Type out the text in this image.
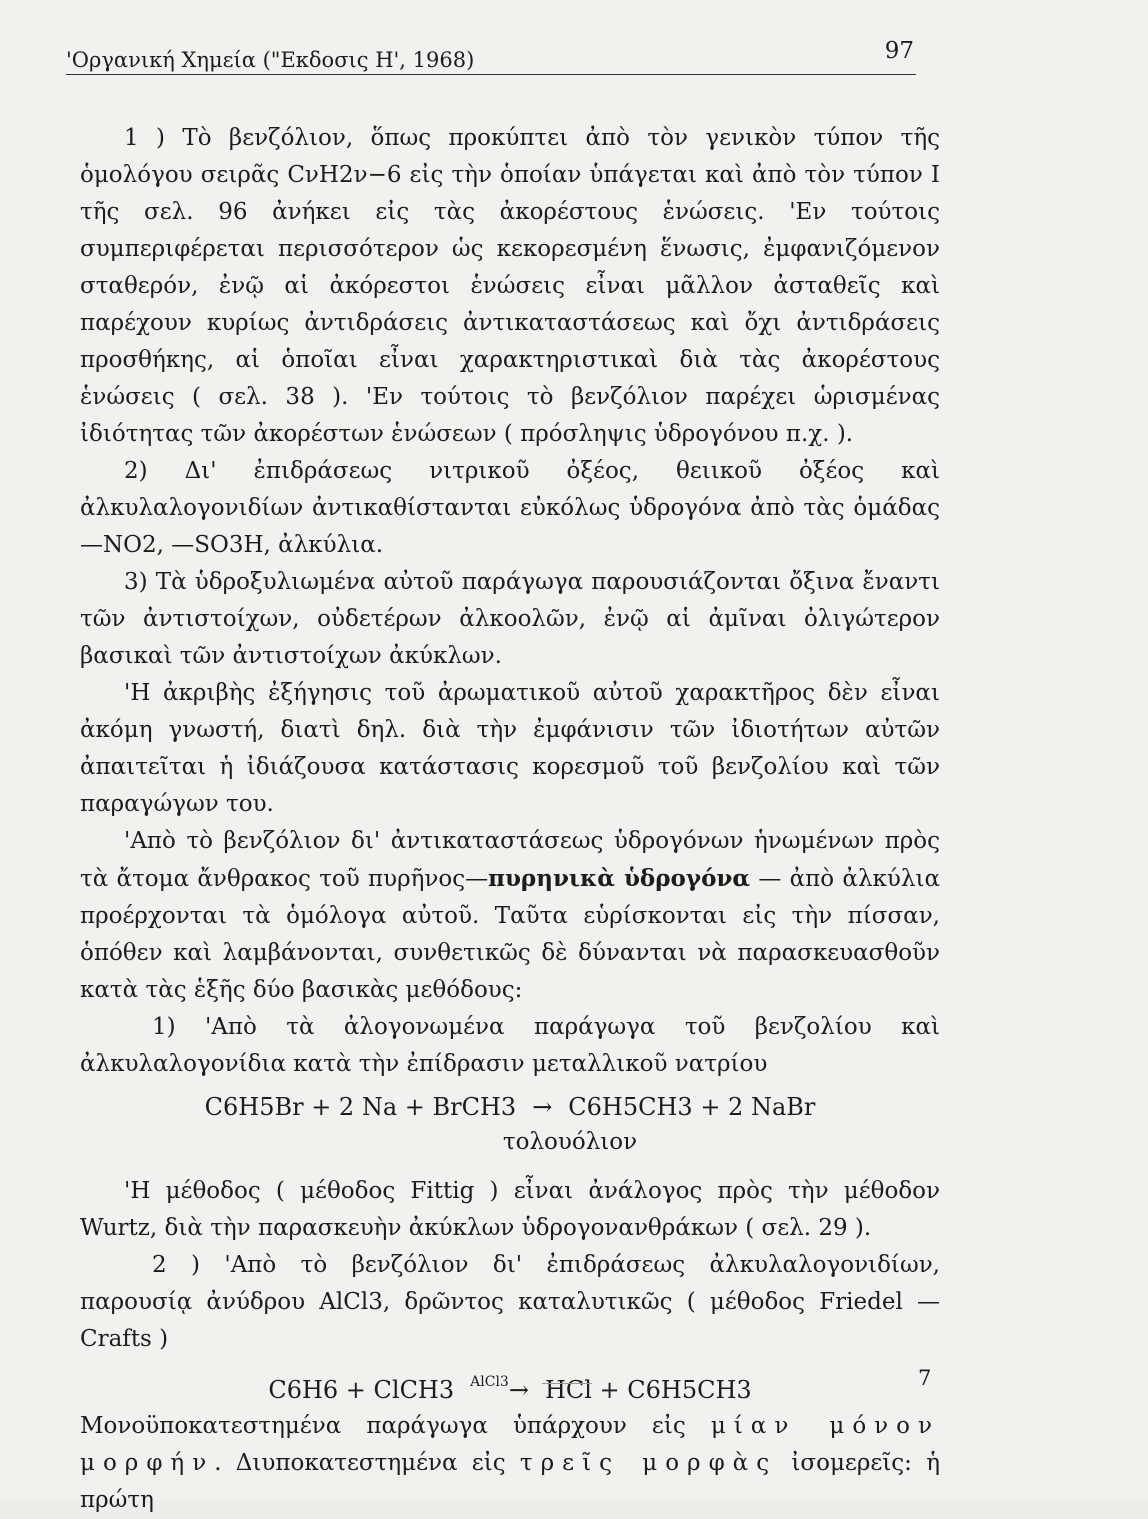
'Οργανική Χημεία ("Εκδοσις Η', 1968)	97

1 ) Τὸ βενζόλιον, ὅπως προκύπτει ἀπὸ τὸν γενικὸν τύπον τῆς ὁμολόγου σειρᾶς CνH2ν−6 εἰς τὴν ὁποίαν ὑπάγεται καὶ ἀπὸ τὸν τύπον I τῆς σελ. 96 ἀνήκει εἰς τὰς ἀκορέστους ἑνώσεις. 'Eν τούτοις συμπεριφέρεται περισσότερον ὡς κεκορεσμένη ἕνωσις, ἐμφανιζόμενον σταθερόν, ἐνῷ αἱ ἀκόρεστοι ἑνώσεις εἶναι μᾶλλον ἀσταθεῖς καὶ παρέχουν κυρίως ἀντιδράσεις ἀντικαταστάσεως καὶ ὄχι ἀντιδράσεις προσθήκης, αἱ ὁποῖαι εἶναι χαρακτηριστικαὶ διὰ τὰς ἀκορέστους ἑνώσεις ( σελ. 38 ). 'Eν τούτοις τὸ βενζόλιον παρέχει ὡρισμένας ἰδιότητας τῶν ἀκορέστων ἑνώσεων ( πρόσληψις ὑδρογόνου π.χ. ).

2) Δι' ἐπιδράσεως νιτρικοῦ ὀξέος, θειικοῦ ὀξέος καὶ ἀλκυλαλογονιδίων ἀντικαθίστανται εὐκόλως ὑδρογόνα ἀπὸ τὰς ὁμάδας —NO2, —SO3H, ἀλκύλια.

3) Τὰ ὑδροξυλιωμένα αὐτοῦ παράγωγα παρουσιάζονται ὄξινα ἔναντι τῶν ἀντιστοίχων, οὐδετέρων ἀλκοολῶν, ἐνῷ αἱ ἀμῖναι ὀλιγώτερον βασικαὶ τῶν ἀντιστοίχων ἀκύκλων.

'Η ἀκριβὴς ἐξήγησις τοῦ ἀρωματικοῦ αὐτοῦ χαρακτῆρος δὲν εἶναι ἀκόμη γνωστή, διατὶ δηλ. διὰ τὴν ἐμφάνισιν τῶν ἰδιοτήτων αὐτῶν ἀπαιτεῖται ἡ ἰδιάζουσα κατάστασις κορεσμοῦ τοῦ βενζολίου καὶ τῶν παραγώγων του.

'Aπὸ τὸ βενζόλιον δι' ἀντικαταστάσεως ὑδρογόνων ἡνωμένων πρὸς τὰ ἄτομα ἄνθρακος τοῦ πυρῆνος—πυρηνικὰ ὑδρογόνα — ἀπὸ ἀλκύλια προέρχονται τὰ ὁμόλογα αὐτοῦ. Ταῦτα εὑρίσκονται εἰς τὴν πίσσαν, ὁπόθεν καὶ λαμβάνονται, συνθετικῶς δὲ δύνανται νὰ παρασκευασθοῦν κατὰ τὰς ἑξῆς δύο βασικὰς μεθόδους:

1) 'Aπὸ τὰ ἀλογονωμένα παράγωγα τοῦ βενζολίου καὶ ἀλκυλαλογονίδια κατὰ τὴν ἐπίδρασιν μεταλλικοῦ νατρίου

C6H5Br + 2 Na + BrCH3 → C6H5CH3 + 2 NaBr
τολουόλιον

'Η μέθοδος ( μέθοδος Fittig ) εἶναι ἀνάλογος πρὸς τὴν μέθοδον Wurtz, διὰ τὴν παρασκευὴν ἀκύκλων ὑδρογονανθράκων ( σελ. 29 ).

2 ) 'Aπὸ τὸ βενζόλιον δι' ἐπιδράσεως ἀλκυλαλογονιδίων, παρουσίᾳ ἀνύδρου AlCl3, δρῶντος καταλυτικῶς ( μέθοδος Friedel — Crafts )

C6H6 + ClCH3 $^{AlCl3}$→ HCl + C6H5CH3

Μονοϋποκατεστημένα παράγωγα ὑπάρχουν εἰς μίαν μόνον μορφήν. Διυποκατεστημένα εἰς τρεῖς μορφὰς ἰσομερεῖς: ἡ πρώτη

7
